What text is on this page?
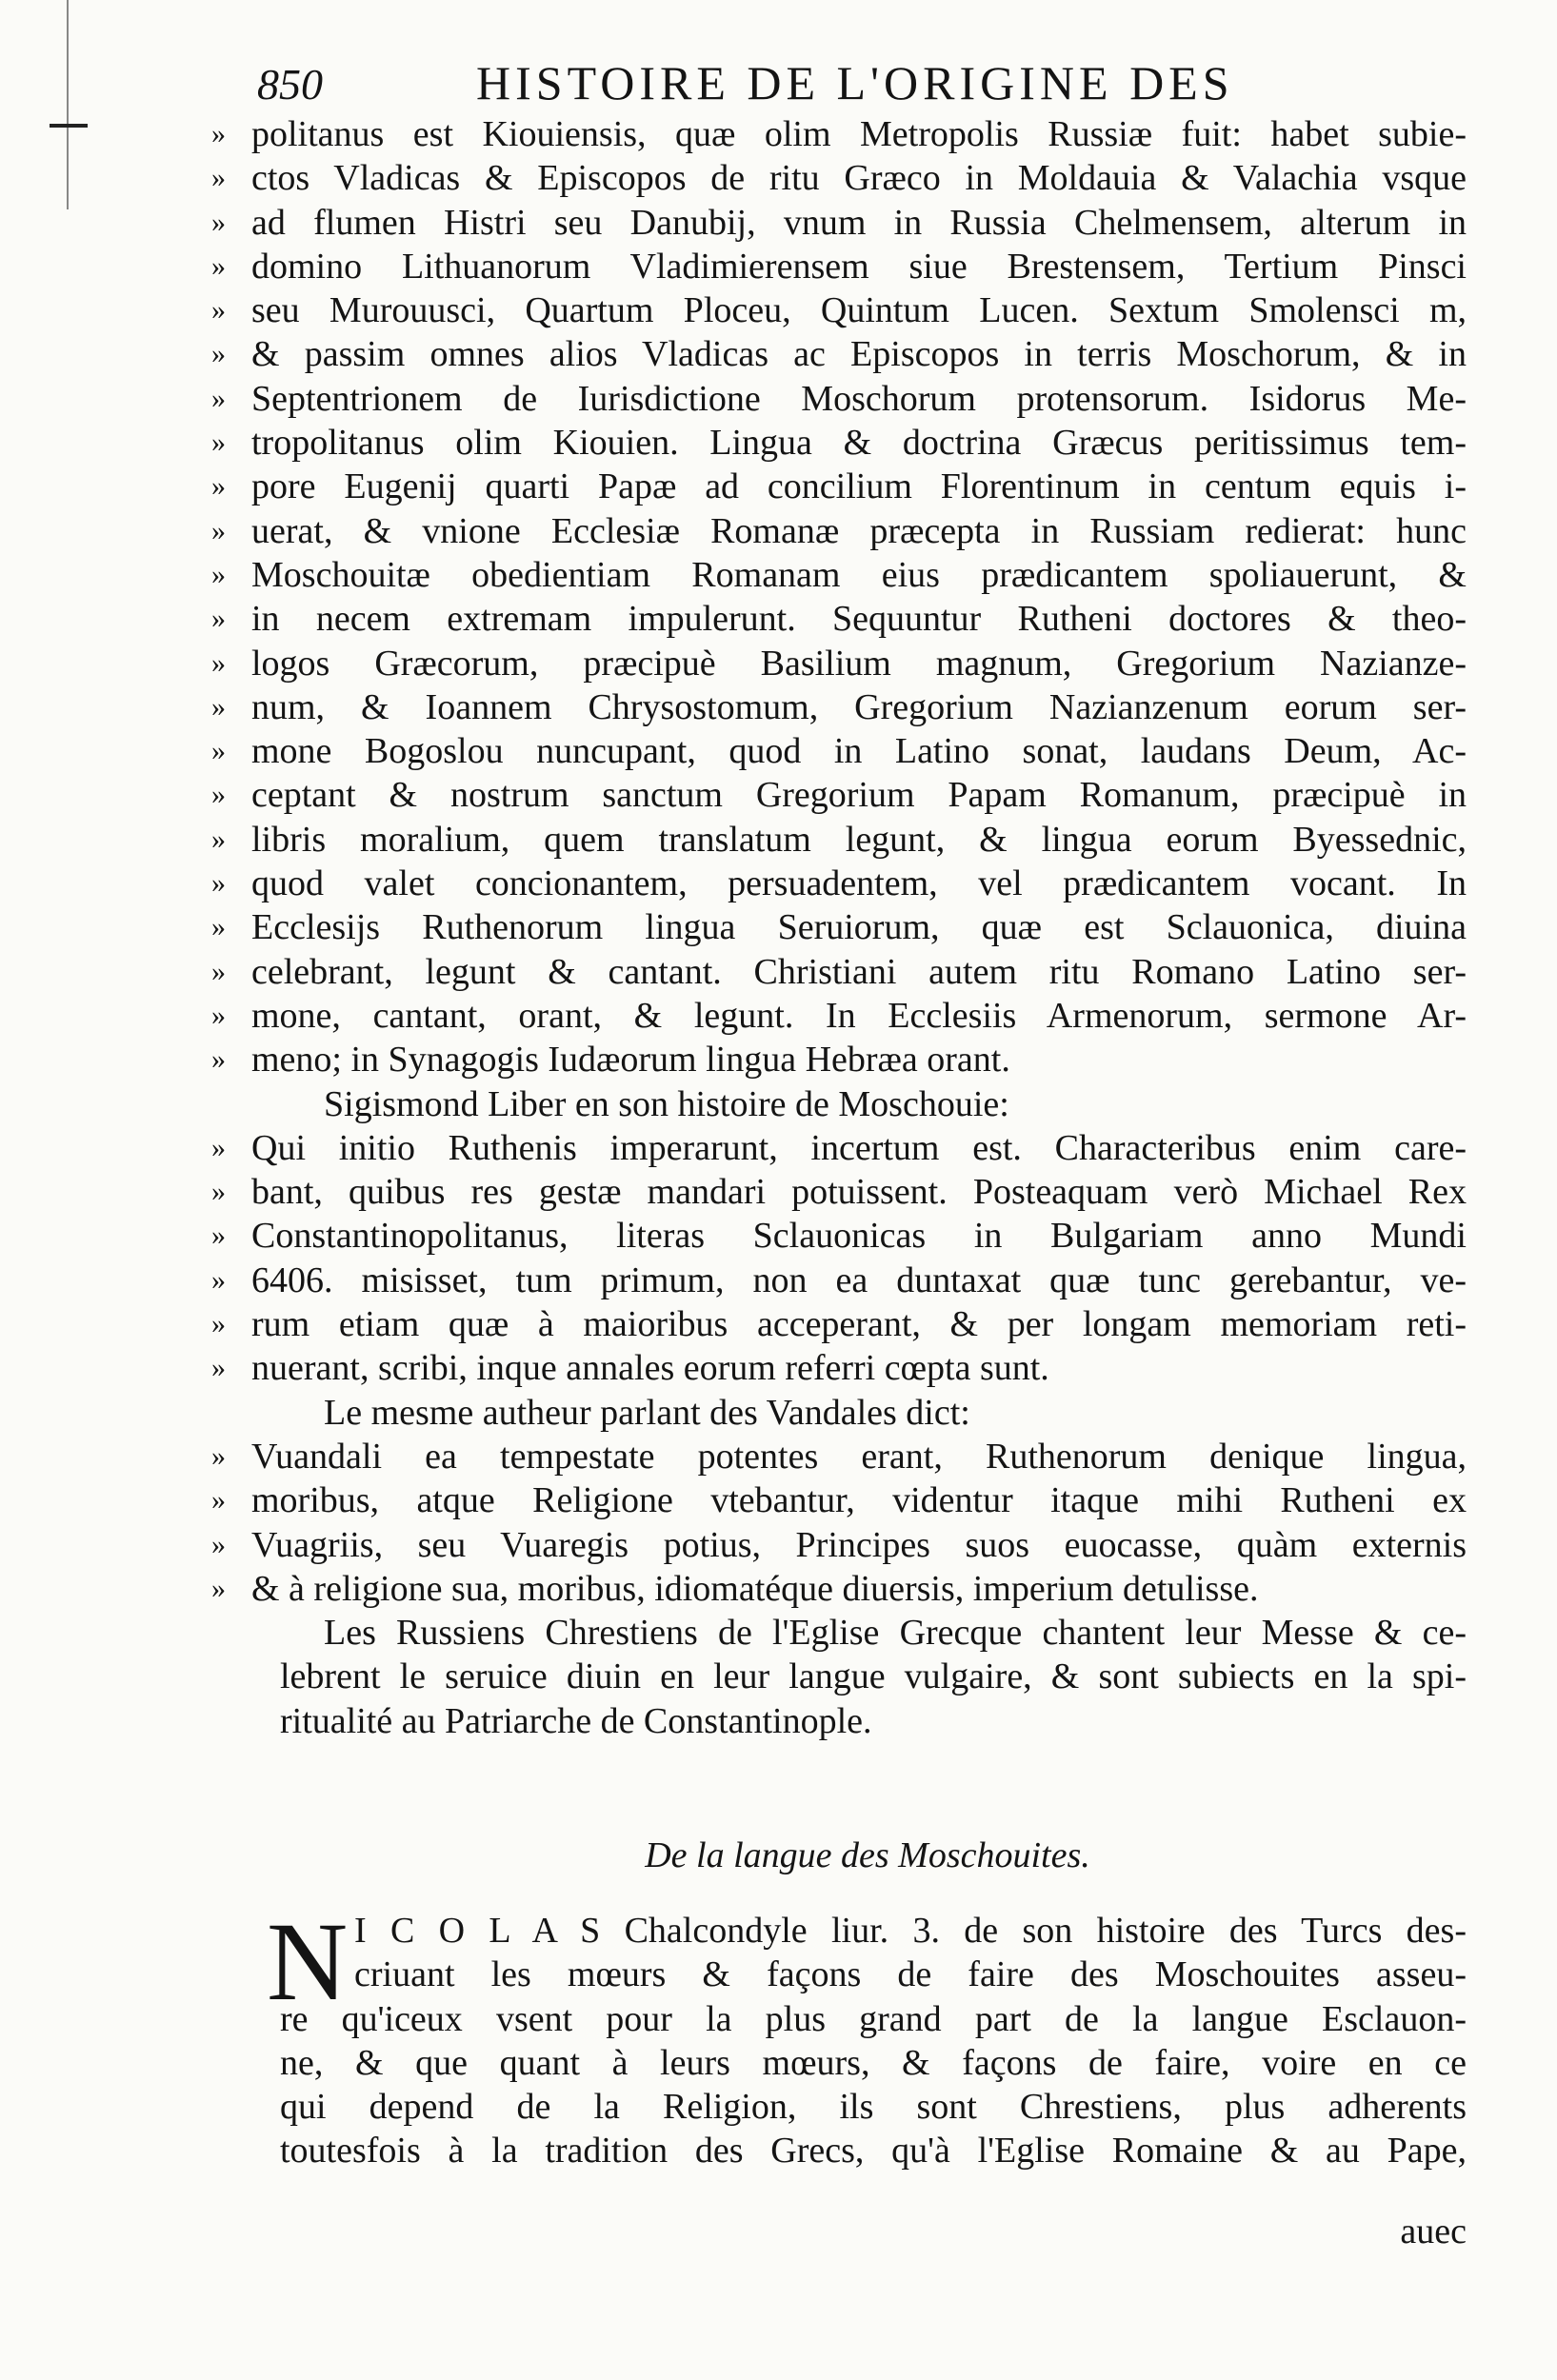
850	HISTOIRE DE L'ORIGINE DES
» politanus est Kiouiensis, quæ olim Metropolis Russiæ fuit: habet subie-
» ctos Vladicas & Episcopos de ritu Græco in Moldauia & Valachia vsque
» ad flumen Histri seu Danubij, vnum in Russia Chelmensem, alterum in
» domino Lithuanorum Vladimierensem siue Brestensem, Tertium Pinsci
» seu Murouusci, Quartum Ploceu, Quintum Lucen. Sextum Smolensci m,
» & passim omnes alios Vladicas ac Episcopos in terris Moschorum, & in
» Septentrionem de Iurisdictione Moschorum protensorum. Isidorus Me-
» tropolitanus olim Kiouien. Lingua & doctrina Græcus peritissimus tem-
» pore Eugenij quarti Papæ ad concilium Florentinum in centum equis i-
» uerat, & vnione Ecclesiæ Romanæ præcepta in Russiam redierat: hunc
» Moschouitæ obedientiam Romanam eius prædicantem spoliauerunt, &
» in necem extremam impulerunt. Sequuntur Rutheni doctores & theo-
» logos Græcorum, præcipuè Basilium magnum, Gregorium Nazianze-
» num, & Ioannem Chrysostomum, Gregorium Nazianzenum eorum ser-
» mone Bogoslou nuncupant, quod in Latino sonat, laudans Deum, Ac-
» ceptant & nostrum sanctum Gregorium Papam Romanum, præcipuè in
» libris moralium, quem translatum legunt, & lingua eorum Byessednic,
» quod valet concionantem, persuadentem, vel prædicantem vocant. In
» Ecclesijs Ruthenorum lingua Seruiorum, quæ est Sclauonica, diuina
» celebrant, legunt & cantant. Christiani autem ritu Romano Latino ser-
» mone, cantant, orant, & legunt. In Ecclesiis Armenorum, sermone Ar-
» meno; in Synagogis Iudæorum lingua Hebræa orant.
Sigismond Liber en son histoire de Moschouie:
» Qui initio Ruthenis imperarunt, incertum est. Characteribus enim care-
» bant, quibus res gestæ mandari potuissent. Posteaquam verò Michael Rex
» Constantinopolitanus, literas Sclauonicas in Bulgariam anno Mundi
» 6406. misisset, tum primum, non ea duntaxat quæ tunc gerebantur, ve-
» rum etiam quæ à maioribus acceperant, & per longam memoriam reti-
» nuerant, scribi, inque annales eorum referri cœpta sunt.
Le mesme autheur parlant des Vandales dict:
» Vuandali ea tempestate potentes erant, Ruthenorum denique lingua,
» moribus, atque Religione vtebantur, videntur itaque mihi Rutheni ex
» Vuagriis, seu Vuaregis potius, Principes suos euocasse, quàm externis
» & à religione sua, moribus, idiomatéque diuersis, imperium detulisse.
Les Russiens Chrestiens de l'Eglise Grecque chantent leur Messe & ce-
lebrent le seruice diuin en leur langue vulgaire, & sont subiects en la spi-
ritualité au Patriarche de Constantinople.
De la langue des Moschouites.
N I C O L A S Chalcondyle liur. 3. de son histoire des Turcs des-
criuant les mœurs & façons de faire des Moschouites asseu-
re qu'iceux vsent pour la plus grand part de la langue Esclauon-
ne, & que quant à leurs mœurs, & façons de faire, voire en ce
qui depend de la Religion, ils sont Chrestiens, plus adherents
toutesfois à la tradition des Grecs, qu'à l'Eglise Romaine & au Pape,
auec
